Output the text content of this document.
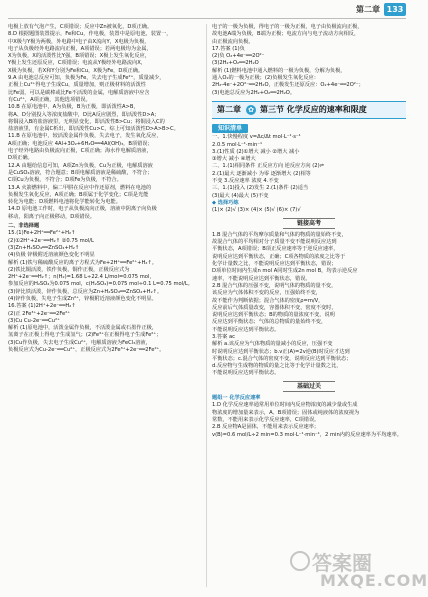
第二章 133
电极上放有气泡产生，C项错误；反应中Zn被氧化，D项正确。
8.D 根据题图装置提示，Fe和Cu，作电极，装置中是原电池，装置一，
中X极与Y极为两极，外电路中电子由X流向Y，X电极为负极，
电子从负极经外电路流向正极，A项错误；若两电极均为金属，
X为负极，X的活泼性比Y强，B项错误；X极上发生氧化反应，
Y极上发生还原反应，C项错误；电流从Y极经外电路流向X，
X极为负极，若X和Y分别为Fe和Cu，X极为Fe，D项正确。
9.A 由电池总反应可知，负极为Fe，失去电子生成Fe²⁺，质量减少，
正极上Cu²⁺得电子生成Cu，质量增加，则正极材料的活泼性
比Fe弱，可以是碳棒或比Fe不活泼的金属，电解质溶液中应含
有Cu²⁺，A项正确，其他选项错误。
10.B 在原电池中，A为负极，B为正极，即活泼性A>B，
将A、D分别投入等浓度盐酸中，D比A反应剧烈，即活泼性D>A；
将铜浸入B的盐溶液里，无明显变化，即活泼性B>Cu；将铜浸入C的
盐溶液里，有金属C析出，即活泼性Cu>C，综上可知活泼性D>A>B>C。
11.B 在原电池中，较活泼金属作负极，失去电子，发生氧化反应，
A项正确；电池反应 4Al+3O₂+6H₂O══4Al(OH)₃，B项错误；
电子经外电路由负极流向正极，C项正确；海水作电解质溶液，
D项正确。
12.A 由题给信息可知，A项Zn为负极，Cu为正极，电解质溶液
是CuSO₄溶液，符合题意；B项电解质溶液是稀硫酸，不符合；
C项Cu为负极，不符合；D项Fe为负极，不符合。
13.A 火箭燃料中，偏二甲肼在反应中作还原剂，燃料在电池的
负极发生氧化反应，A项正确；B项属于化学变化；C项是光能
转化为电能；D项燃料电池将化学能转化为电能。
14.D 原电池工作时，电子从负极流向正极，溶液中阴离子向负极
移动，阳离子向正极移动，D项错误。
二、非选择题
15.(1)Fe+2H⁺══Fe²⁺+H₂↑
(2)①2H⁺+2e⁻══H₂↑ ②0.75 mol/L
(3)Zn+H₂SO₄══ZnSO₄+H₂↑
(4)负极 锌极附近溶液颜色变化不明显
解析 (1)铁与稀硫酸反应的离子方程式为Fe+2H⁺══Fe²⁺+H₂↑。
(2)铁比铜活泼，铁作负极，铜作正极，正极反应式为
2H⁺+2e⁻══H₂↑；n(H₂)=1.68 L÷22.4 L/mol=0.075 mol，
参加反应的H₂SO₄为0.075 mol，c(H₂SO₄)=0.075 mol÷0.1 L=0.75 mol/L。
(3)锌比铁活泼，锌作负极，总反应为Zn+H₂SO₄══ZnSO₄+H₂↑。
(4)锌作负极，失电子生成Zn²⁺，锌极附近溶液颜色变化不明显。
16.答案 (1)2H⁺+2e⁻══H₂↑
(2)正 2Fe³⁺+2e⁻══2Fe²⁺
(3)Cu Cu-2e⁻══Cu²⁺
解析 (1)原电池中，活泼金属作负极，不活泼金属或石墨作正极，
氢离子在正极上得电子生成氢气；(2)Fe³⁺在正极得电子生成Fe²⁺；
(3)Cu作负极，失去电子生成Cu²⁺，电解质溶液为FeCl₃溶液，
负极反应式为Cu-2e⁻══Cu²⁺，正极反应式为2Fe³⁺+2e⁻══2Fe²⁺。
电子的一极为负极，得电子的一极为正极，电子由负极流向正极，
故电池A端为负极，B端为正极；电流方向与电子流动方向相反，
由正极流向负极。
17.答案 (1)负
(2)负 O₂+4e⁻══2O²⁻
(3)2H₂+O₂══2H₂O
解析 (1)燃料电池中通入燃料的一极为负极，分解为负极，
通入O₂的一极为正极；(2)负极发生氧化反应：
2H₂-4e⁻+2O²⁻══2H₂O，正极发生还原反应：O₂+4e⁻══2O²⁻；
(3)电池总反应为2H₂+O₂══2H₂O。
第二章	✿ 第三节 化学反应的速率和限度
知识清单
一、1.快慢程度 v=Δc/Δt mol·L⁻¹·s⁻¹
2.0.5 mol·L⁻¹·min⁻¹
3.(1)性质 (2)①增大 减小 ②增大 减小
③增大 减小 ④增大
二、1.(1)相同条件 正反应方向 逆反应方向 (2)⇌
2.(1)最大 逐渐减小 为零 逐渐增大 (2)相等
不变 3.反应速率 浓度 4.不变
三、1.(1)投入 (2)发生 2.(1)条件 (2)适当
(3)最大 (4)最大 (5)不变
◆ 选择巧练
(1)× (2)√ (3)× (4)× (5)√ (6)× (7)√
链接高考
1.B 混合气体的平均摩尔质量和气体的物质的量始终不变，
故混合气体的平均相对分子质量不变不能说明反应达到
平衡状态，A项错误；B项正反应速率等于逆反应速率，
说明反应达到平衡状态，正确；C项各物质的浓度之比等于
化学计量数之比，不能说明反应达到平衡状态，错误；
D项单位时间内生成n mol A同时生成2n mol B，均表示逆反应
速率，不能说明反应达到平衡状态，错误。
2.B 混合气体的压强不变，说明气体的物质的量不变，
该反应为气体体积不变的反应，压强始终不变，
故不能作为判断依据；混合气体的密度ρ=m/V，
反应前后气体质量改变，容器体积不变，密度不变时，
说明反应达到平衡状态；B的物质的量浓度不变，说明
反应达到平衡状态；气体的总物质的量始终不变，
不能说明反应达到平衡状态。
3.答案 ac
解析 a.该反应为气体物质的量减小的反应，压强不变
时说明反应达到平衡状态；b.v正(A)=2v逆(B)时反应才达到
平衡状态；c.混合气体的密度不变，说明反应达到平衡状态；
d.反应物与生成物的物质的量之比等于化学计量数之比，
不能说明反应达到平衡状态。
基础过关
题组一 化学反应速率
1.D 化学反应速率通常用单位时间内反应物浓度的减少量或生成
物浓度的增加量来表示，A、B项错误；固体或纯液体的浓度视为
常数，不能用来表示化学反应速率，C项错误。
2.B 反应物A是固体，不能用来表示反应速率；
v(B)=0.6 mol/L÷2 min=0.3 mol·L⁻¹·min⁻¹，2 min内的反应速率为平均速率。
答案圈
MXQE.COM
